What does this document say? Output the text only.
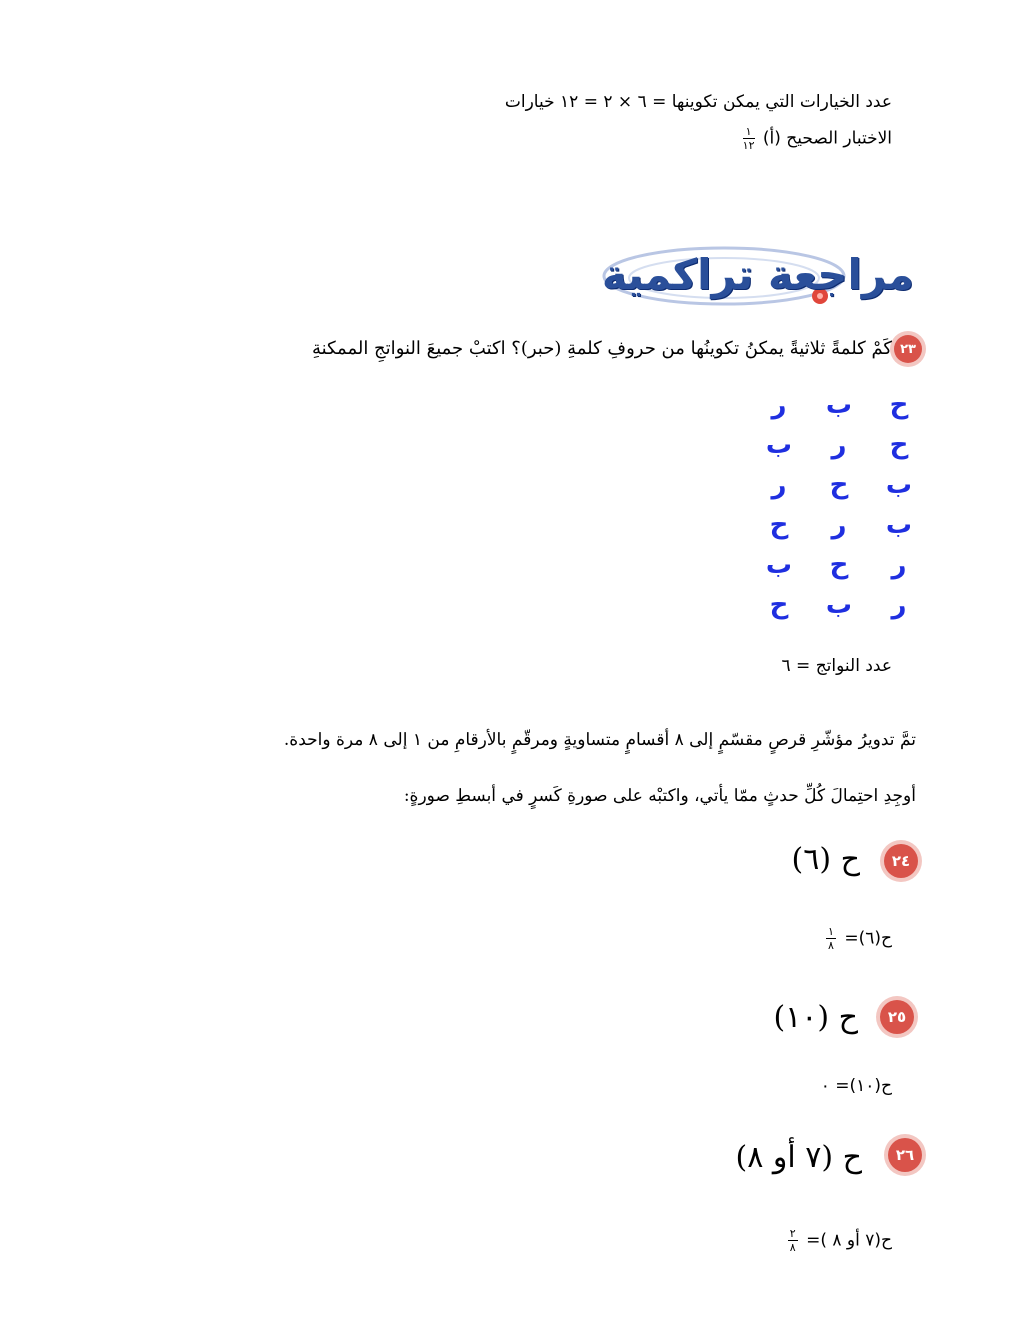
عدد الخيارات التي يمكن تكوينها = ٦ × ٢ = ١٢ خيارات
الاختبار الصحيح (أ)
$\frac{١}{١٢}$
مراجعة تراكمية
٢٣
كَمْ كلمةً ثلاثيةً يمكنُ تكوينُها من حروفِ كلمةِ (حبر)؟ اكتبْ جميعَ النواتجِ الممكنةِ
ح
ب
ر
ح
ر
ب
ب
ح
ر
ب
ر
ح
ر
ح
ب
ر
ب
ح
عدد النواتج = ٦
تمَّ تدويرُ مؤشّرِ قرصٍ مقسّمٍ إلى ٨ أقسامٍ متساويةٍ ومرقّمٍ بالأرقامِ من ١ إلى ٨ مرة واحدة.
أوجِدِ احتِمالَ كُلِّ حدثٍ ممّا يأتي، واكتبْه على صورةِ كَسرٍ في أبسطِ صورةٍ:
٢٤
ح (٦)
ح(٦)=
$\frac{١}{٨}$
٢٥
ح (١٠)
ح(١٠)= ٠
٢٦
ح (٧ أو ٨)
ح(٧ أو ٨ )=
$\frac{٢}{٨}$
